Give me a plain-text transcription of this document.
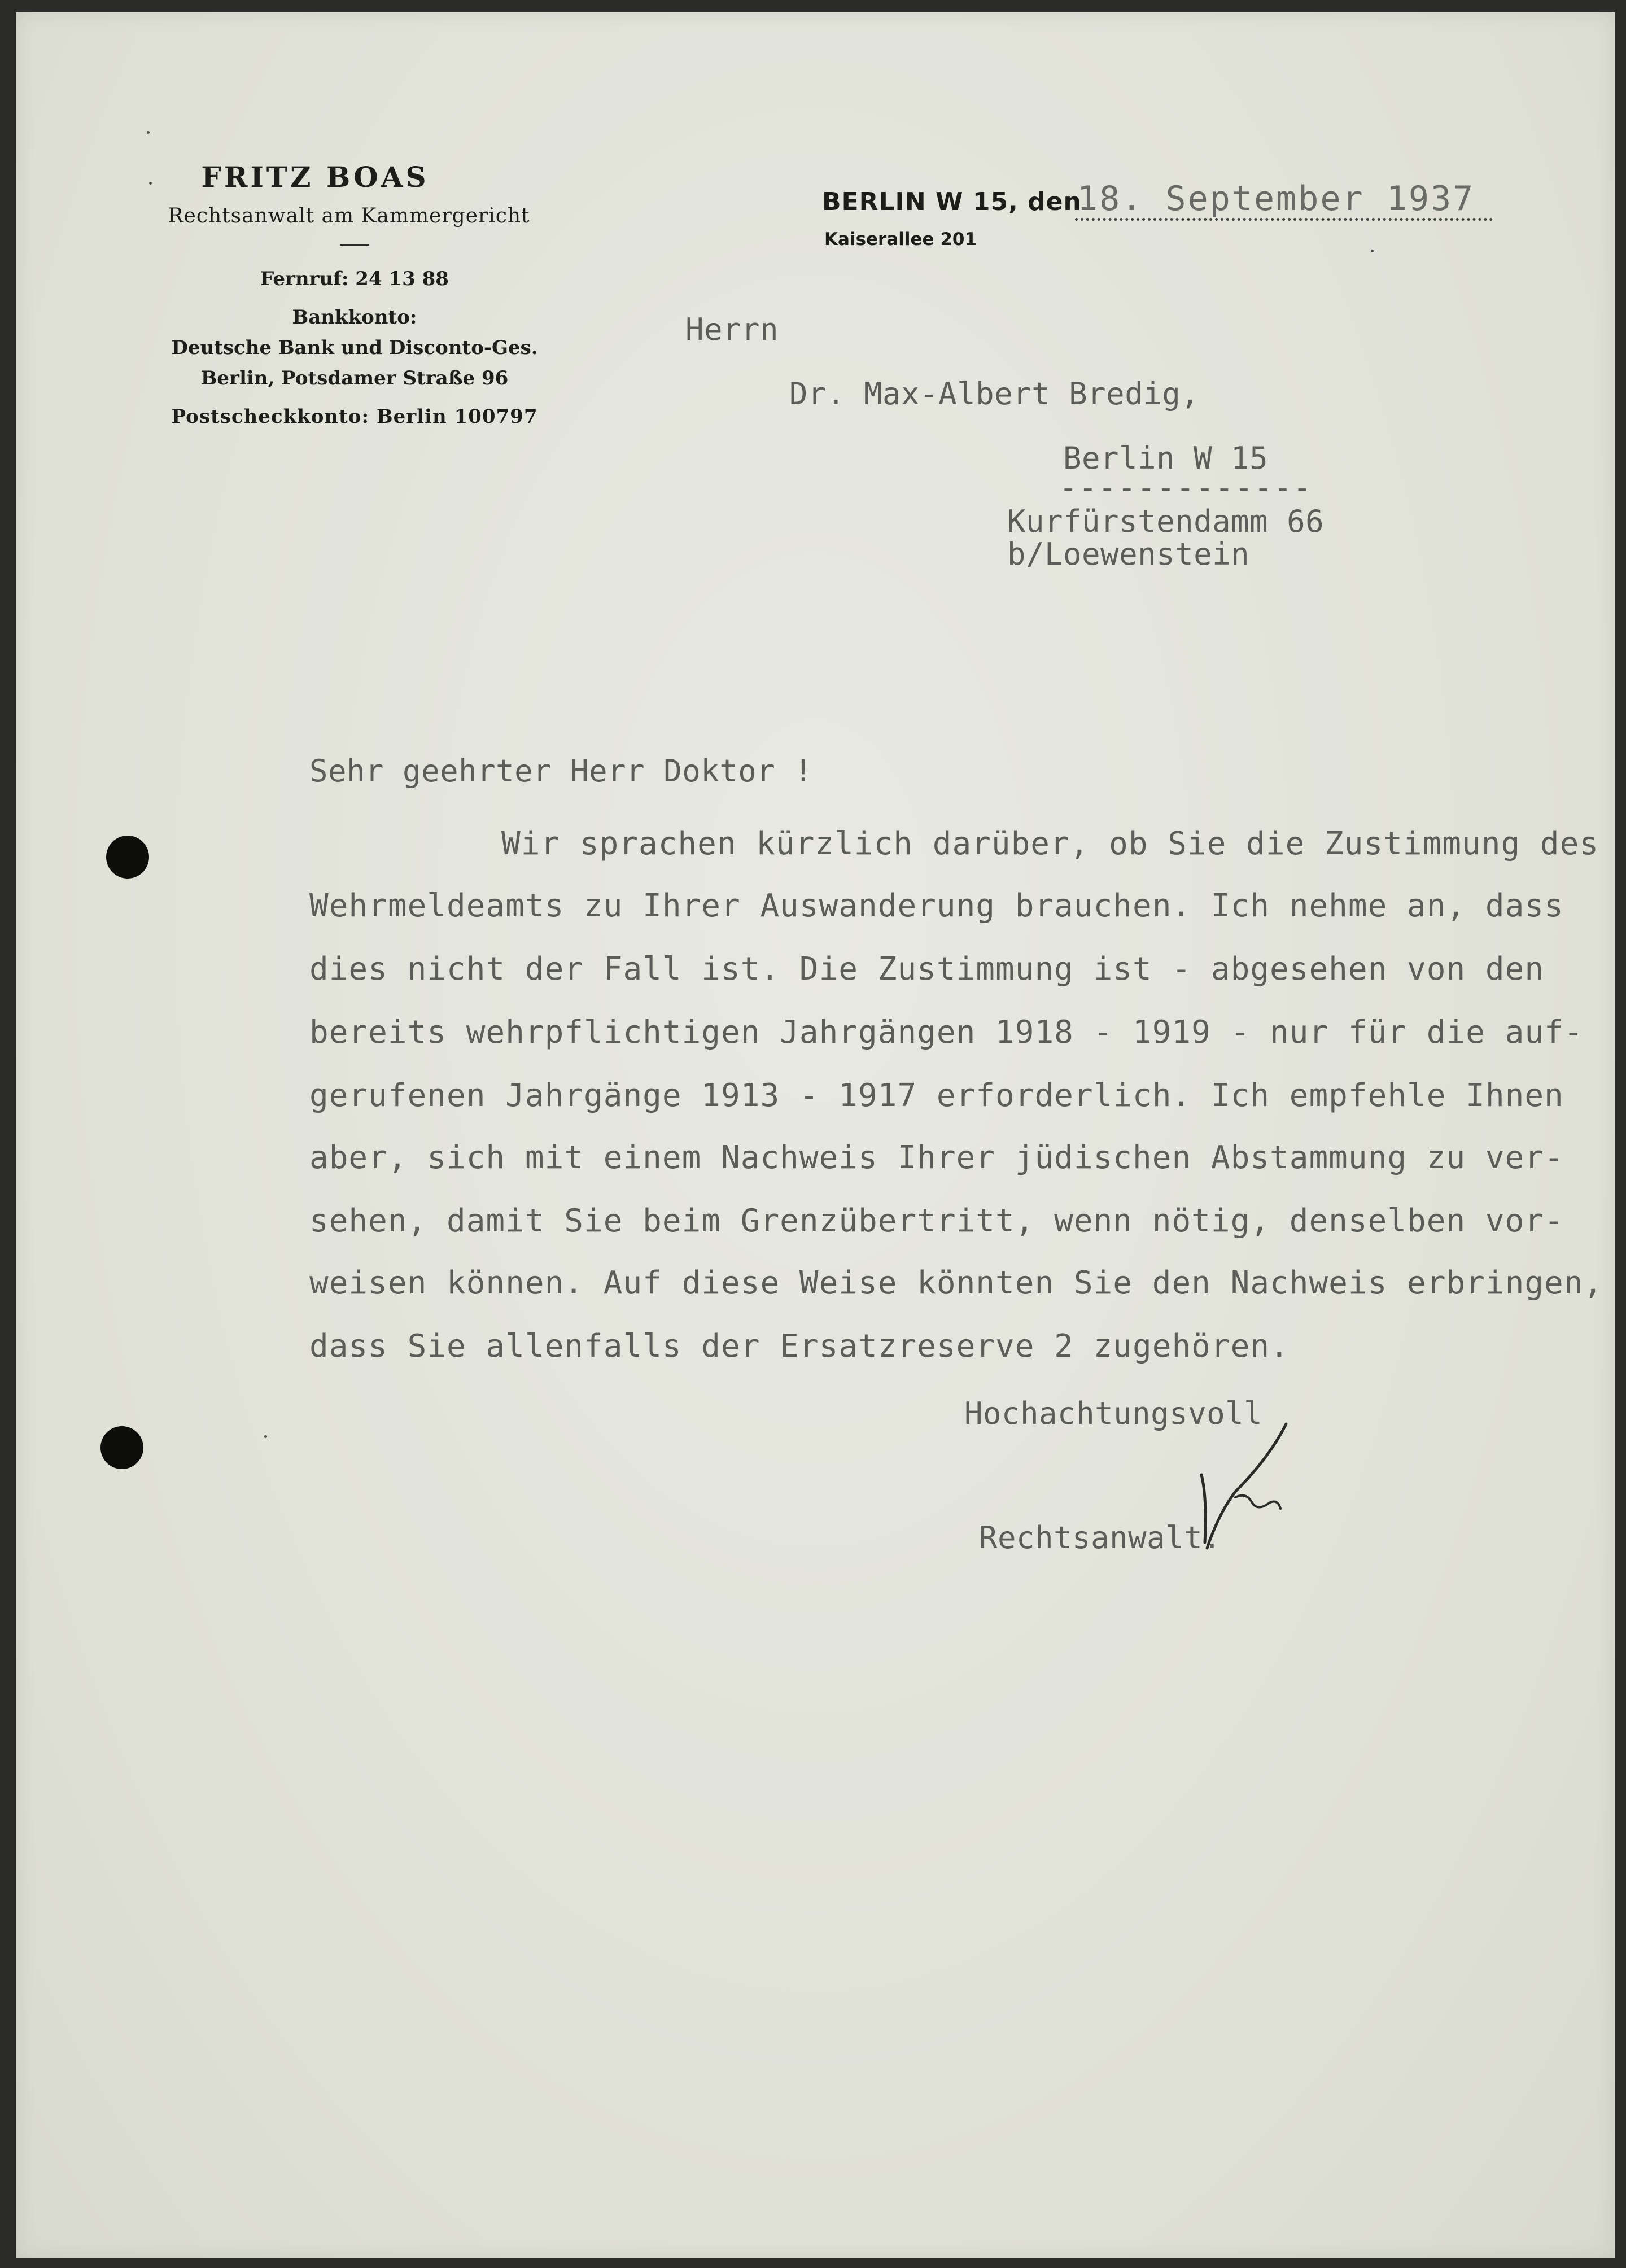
FRITZ BOAS
Rechtsanwalt am Kammergericht
Fernruf: 24 13 88
Bankkonto:
Deutsche Bank und Disconto-Ges.
Berlin, Potsdamer Straße 96
Postscheckkonto: Berlin 100797
BERLIN W 15, den
Kaiserallee 201
18. September 1937
Herrn
Dr. Max-Albert Bredig,
Berlin W 15
-------------
Kurfürstendamm 66
b/Loewenstein
Sehr geehrter Herr Doktor !
Wir sprachen kürzlich darüber, ob Sie die Zustimmung des
Wehrmeldeamts zu Ihrer Auswanderung brauchen. Ich nehme an, dass
dies nicht der Fall ist. Die Zustimmung ist - abgesehen von den
bereits wehrpflichtigen Jahrgängen 1918 - 1919 - nur für die auf-
gerufenen Jahrgänge 1913 - 1917 erforderlich. Ich empfehle Ihnen
aber, sich mit einem Nachweis Ihrer jüdischen Abstammung zu ver-
sehen, damit Sie beim Grenzübertritt, wenn nötig, denselben vor-
weisen können. Auf diese Weise könnten Sie den Nachweis erbringen,
dass Sie allenfalls der Ersatzreserve 2 zugehören.
Hochachtungsvoll
Rechtsanwalt.
